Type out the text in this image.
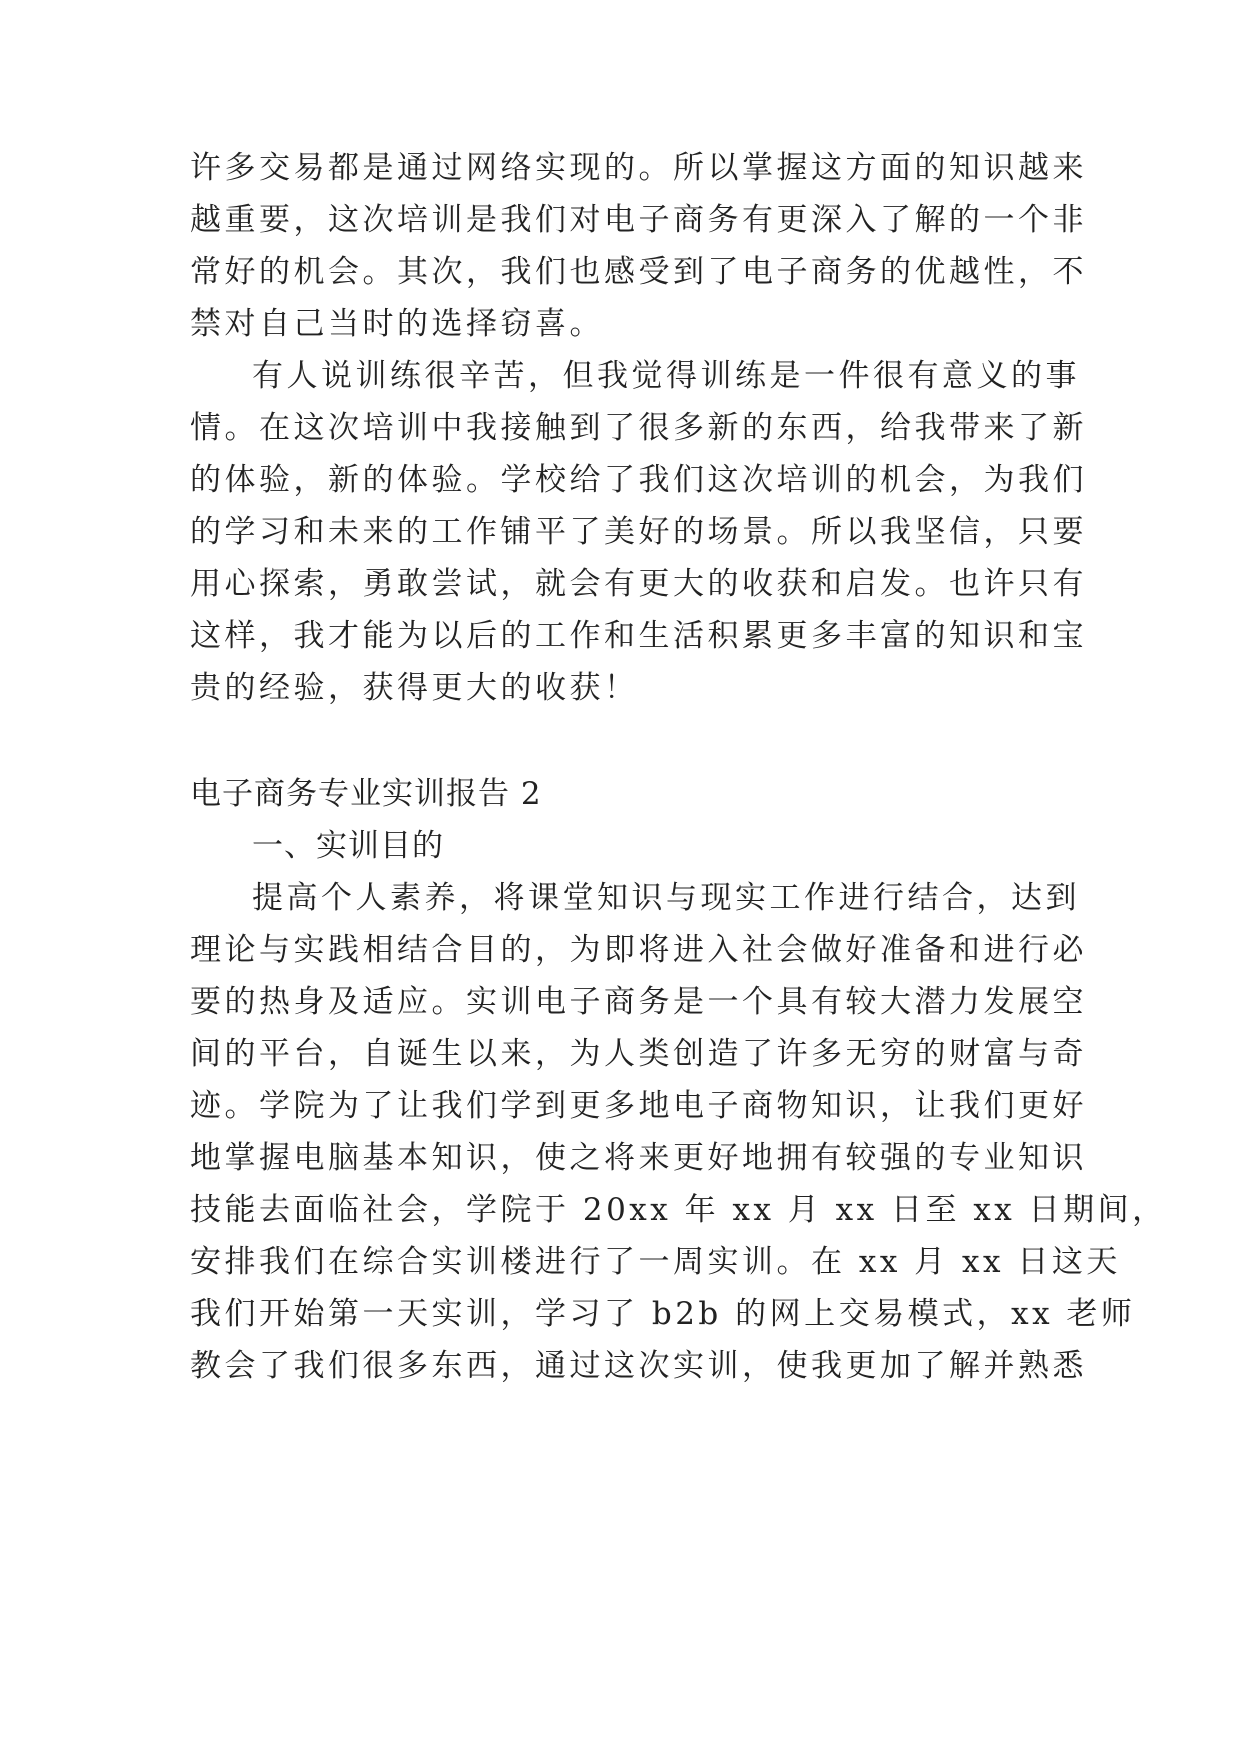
许多交易都是通过网络实现的。所以掌握这方面的知识越来
越重要，这次培训是我们对电子商务有更深入了解的一个非
常好的机会。其次，我们也感受到了电子商务的优越性，不
禁对自己当时的选择窃喜。
有人说训练很辛苦，但我觉得训练是一件很有意义的事
情。在这次培训中我接触到了很多新的东西，给我带来了新
的体验，新的体验。学校给了我们这次培训的机会，为我们
的学习和未来的工作铺平了美好的场景。所以我坚信，只要
用心探索，勇敢尝试，就会有更大的收获和启发。也许只有
这样，我才能为以后的工作和生活积累更多丰富的知识和宝
贵的经验，获得更大的收获！
电子商务专业实训报告 2
一、实训目的
提高个人素养，将课堂知识与现实工作进行结合，达到
理论与实践相结合目的，为即将进入社会做好准备和进行必
要的热身及适应。实训电子商务是一个具有较大潜力发展空
间的平台，自诞生以来，为人类创造了许多无穷的财富与奇
迹。学院为了让我们学到更多地电子商物知识，让我们更好
地掌握电脑基本知识，使之将来更好地拥有较强的专业知识
技能去面临社会，学院于 20xx 年 xx 月 xx 日至 xx 日期间，
安排我们在综合实训楼进行了一周实训。在 xx 月 xx 日这天
我们开始第一天实训，学习了 b2b 的网上交易模式，xx 老师
教会了我们很多东西，通过这次实训，使我更加了解并熟悉
